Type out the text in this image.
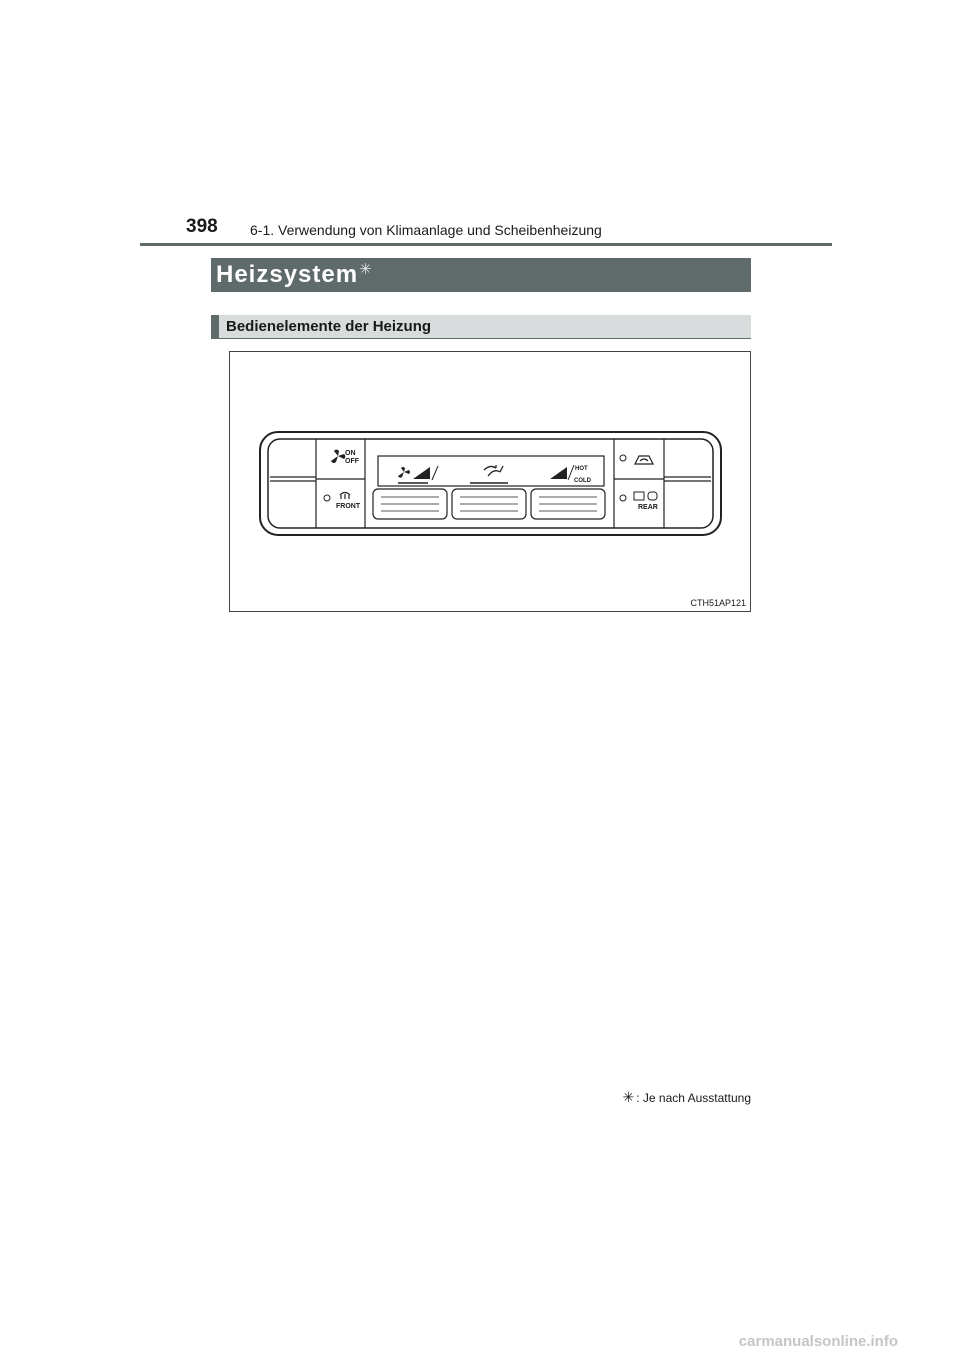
398 6-1. Verwendung von Klimaanlage und Scheibenheizung
Heizsystem ✳
Bedienelemente der Heizung
ON
OFF
FRONT
HOT
COLD
REAR
CTH51AP121
✳ : Je nach Ausstattung
carmanualsonline.info
